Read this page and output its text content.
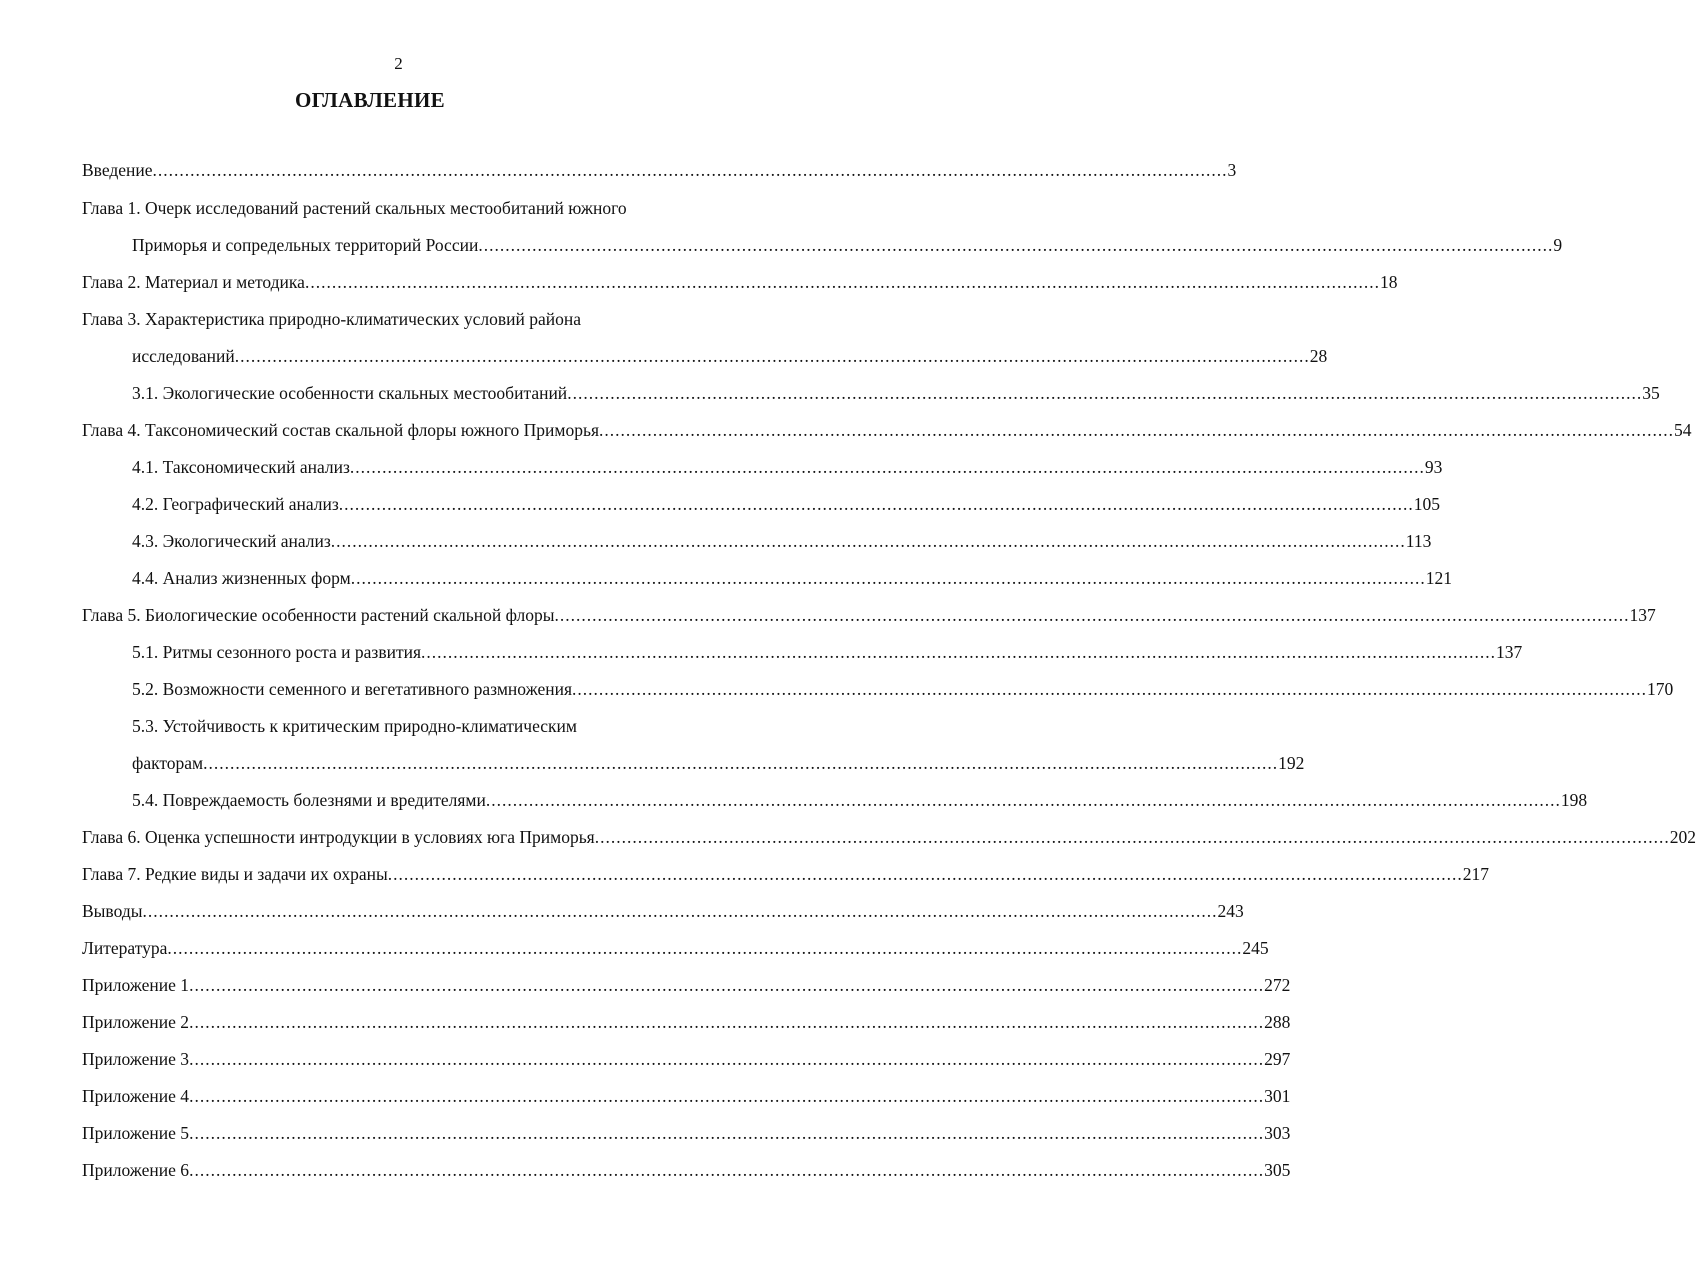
2

ОГЛАВЛЕНИЕ
Введение .....	3
Глава 1. Очерк исследований растений скальных местообитаний южного
Приморья и сопредельных территорий России .....	9
Глава 2. Материал и методика .....	18
Глава 3. Характеристика природно-климатических условий района
исследований .....	28
3.1. Экологические особенности скальных местообитаний .....	35
Глава 4. Таксономический состав скальной флоры южного Приморья .....	54
4.1. Таксономический анализ .....	93
4.2. Географический анализ .....	105
4.3. Экологический анализ .....	113
4.4. Анализ жизненных форм .....	121
Глава 5. Биологические особенности растений скальной флоры .....	137
5.1. Ритмы сезонного роста и развития .....	137
5.2. Возможности семенного и вегетативного размножения .....	170
5.3. Устойчивость к критическим природно-климатическим
факторам .....	192
5.4. Повреждаемость болезнями и вредителями .....	198
Глава 6. Оценка успешности интродукции в условиях юга Приморья .....	202
Глава 7. Редкие виды и задачи их охраны .....	217
Выводы .....	243
Литература .....	245
Приложение 1 .....	272
Приложение 2 .....	288
Приложение 3 .....	297
Приложение 4 .....	301
Приложение 5 .....	303
Приложение 6 .....	305
